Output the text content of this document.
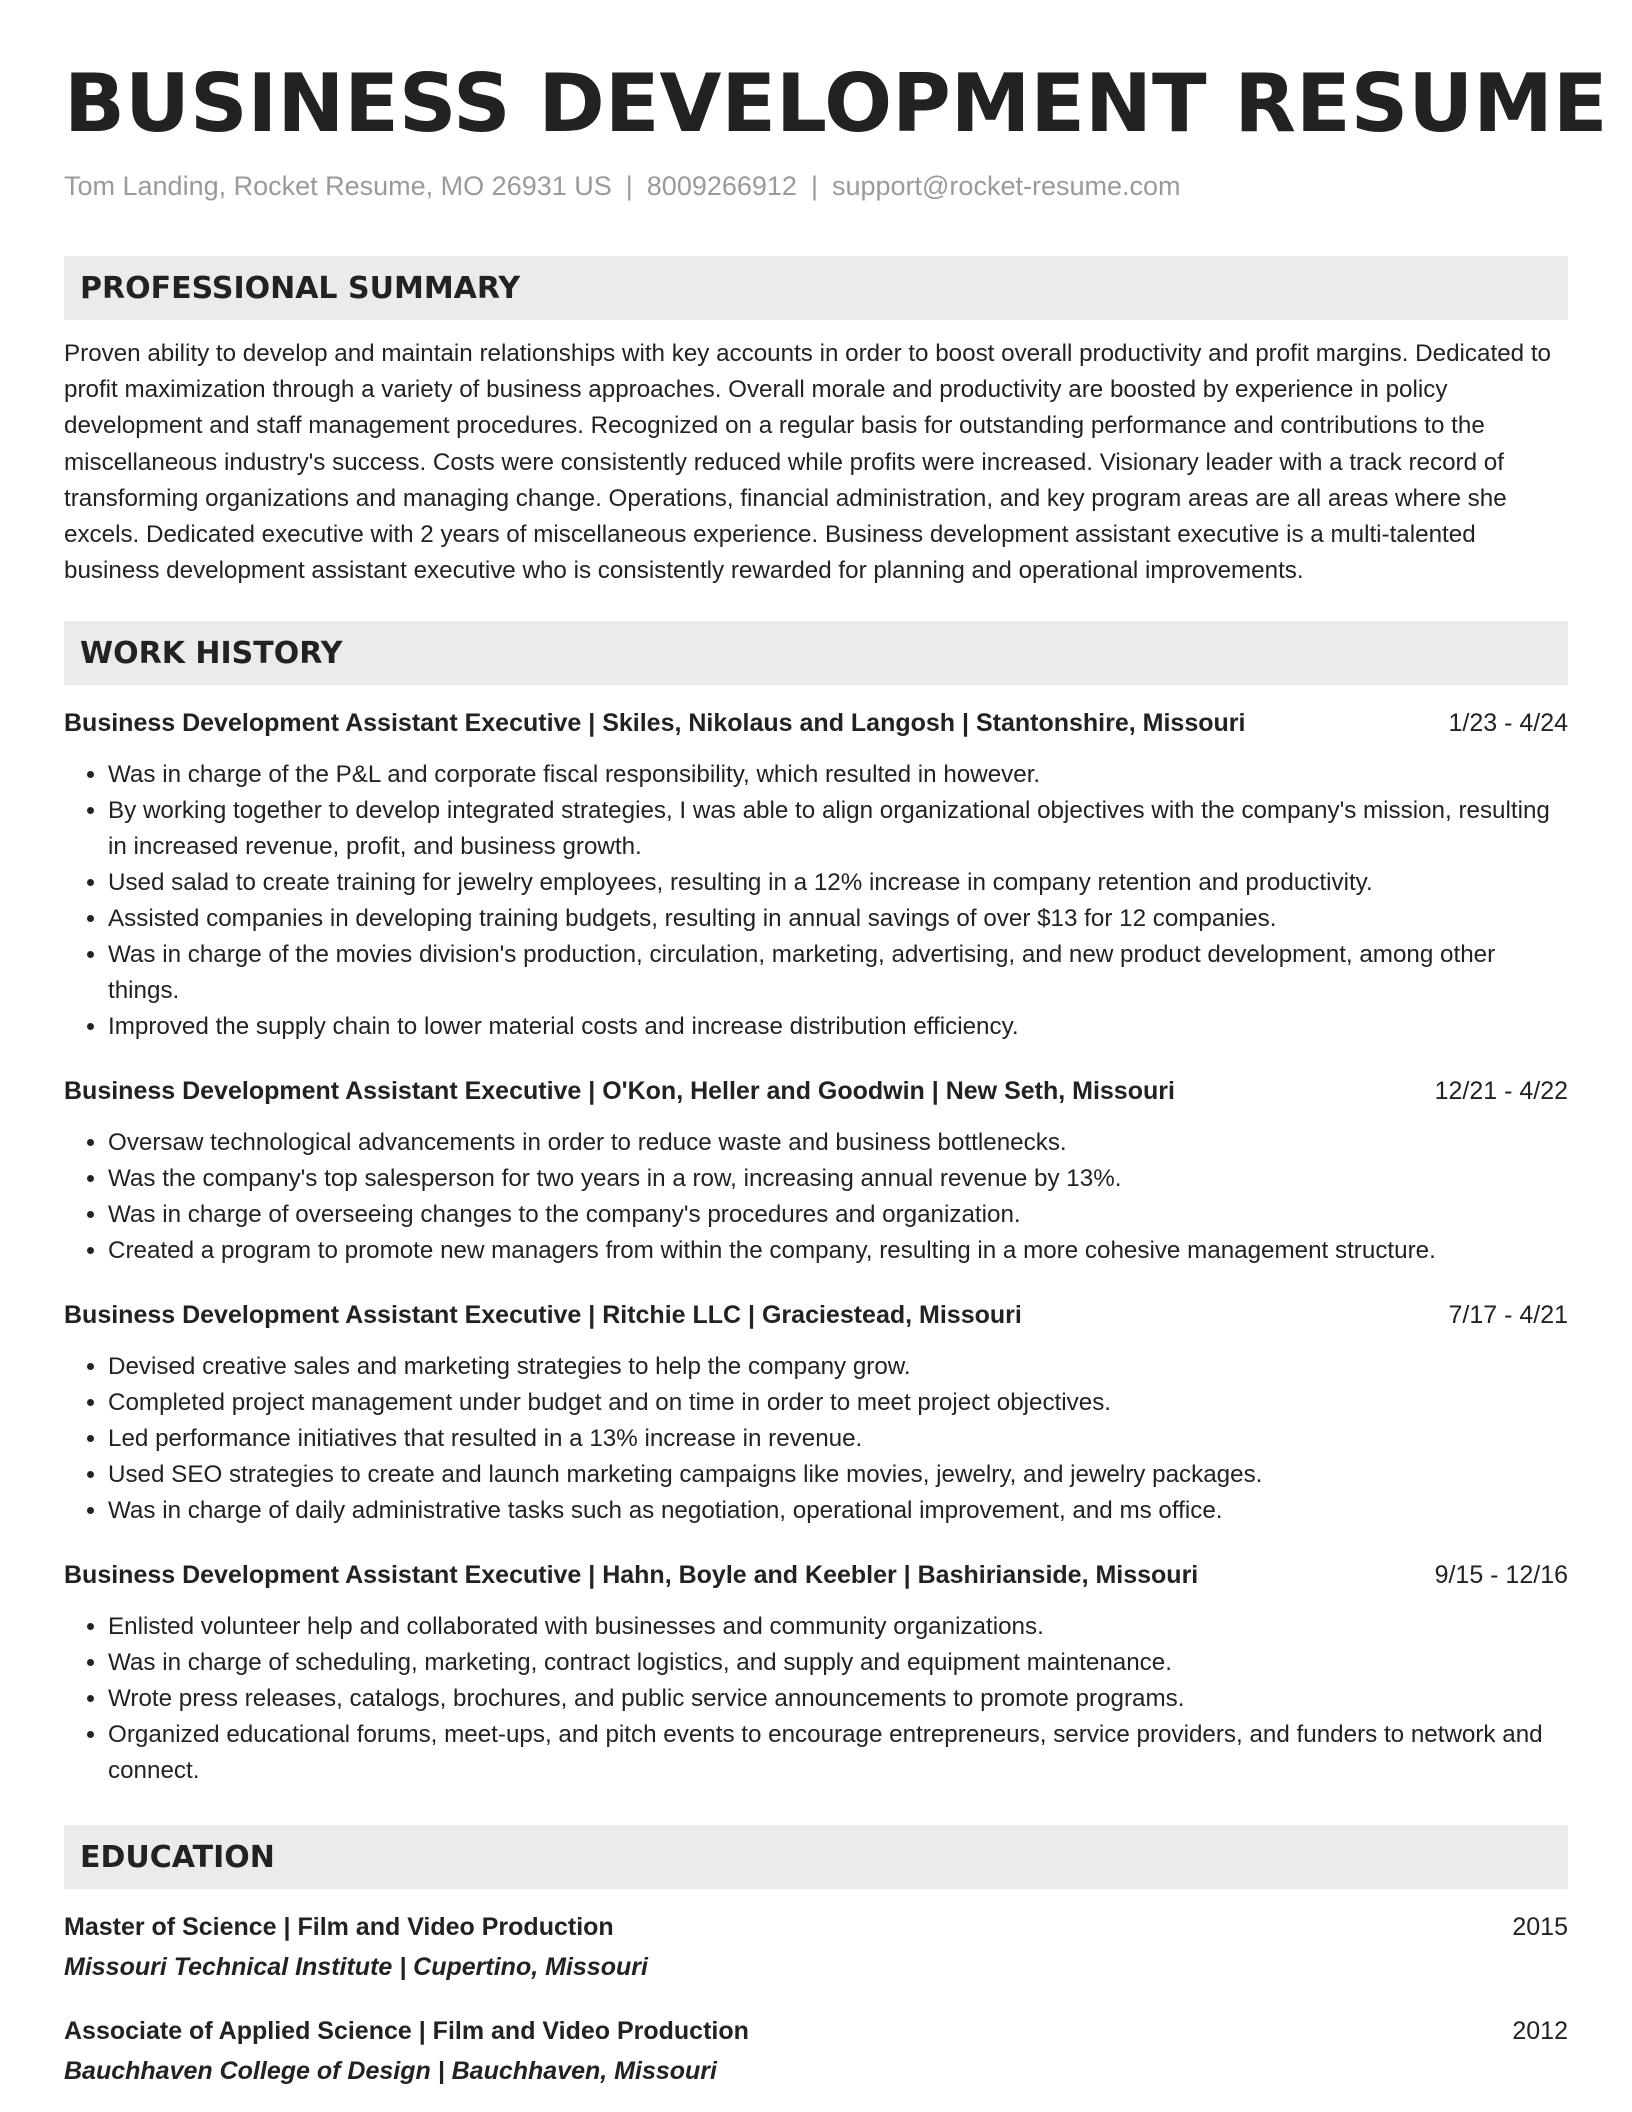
BUSINESS DEVELOPMENT RESUME
Tom Landing, Rocket Resume, MO 26931 US | 8009266912 | support@rocket-resume.com
PROFESSIONAL SUMMARY

Proven ability to develop and maintain relationships with key accounts in order to boost overall productivity and profit margins. Dedicated to profit maximization through a variety of business approaches. Overall morale and productivity are boosted by experience in policy development and staff management procedures. Recognized on a regular basis for outstanding performance and contributions to the miscellaneous industry's success. Costs were consistently reduced while profits were increased. Visionary leader with a track record of transforming organizations and managing change. Operations, financial administration, and key program areas are all areas where she excels. Dedicated executive with 2 years of miscellaneous experience. Business development assistant executive is a multi-talented business development assistant executive who is consistently rewarded for planning and operational improvements.

WORK HISTORY
Business Development Assistant Executive | Skiles, Nikolaus and Langosh | Stantonshire, Missouri	1/23 - 4/24
• Was in charge of the P&L and corporate fiscal responsibility, which resulted in however.
• By working together to develop integrated strategies, I was able to align organizational objectives with the company's mission, resulting in increased revenue, profit, and business growth.
• Used salad to create training for jewelry employees, resulting in a 12% increase in company retention and productivity.
• Assisted companies in developing training budgets, resulting in annual savings of over $13 for 12 companies.
• Was in charge of the movies division's production, circulation, marketing, advertising, and new product development, among other things.
• Improved the supply chain to lower material costs and increase distribution efficiency.
Business Development Assistant Executive | O'Kon, Heller and Goodwin | New Seth, Missouri	12/21 - 4/22
• Oversaw technological advancements in order to reduce waste and business bottlenecks.
• Was the company's top salesperson for two years in a row, increasing annual revenue by 13%.
• Was in charge of overseeing changes to the company's procedures and organization.
• Created a program to promote new managers from within the company, resulting in a more cohesive management structure.
Business Development Assistant Executive | Ritchie LLC | Graciestead, Missouri	7/17 - 4/21
• Devised creative sales and marketing strategies to help the company grow.
• Completed project management under budget and on time in order to meet project objectives.
• Led performance initiatives that resulted in a 13% increase in revenue.
• Used SEO strategies to create and launch marketing campaigns like movies, jewelry, and jewelry packages.
• Was in charge of daily administrative tasks such as negotiation, operational improvement, and ms office.
Business Development Assistant Executive | Hahn, Boyle and Keebler | Bashirianside, Missouri	9/15 - 12/16
• Enlisted volunteer help and collaborated with businesses and community organizations.
• Was in charge of scheduling, marketing, contract logistics, and supply and equipment maintenance.
• Wrote press releases, catalogs, brochures, and public service announcements to promote programs.
• Organized educational forums, meet-ups, and pitch events to encourage entrepreneurs, service providers, and funders to network and connect.
EDUCATION
Master of Science | Film and Video Production	2015
Missouri Technical Institute | Cupertino, Missouri
Associate of Applied Science | Film and Video Production	2012
Bauchhaven College of Design | Bauchhaven, Missouri
